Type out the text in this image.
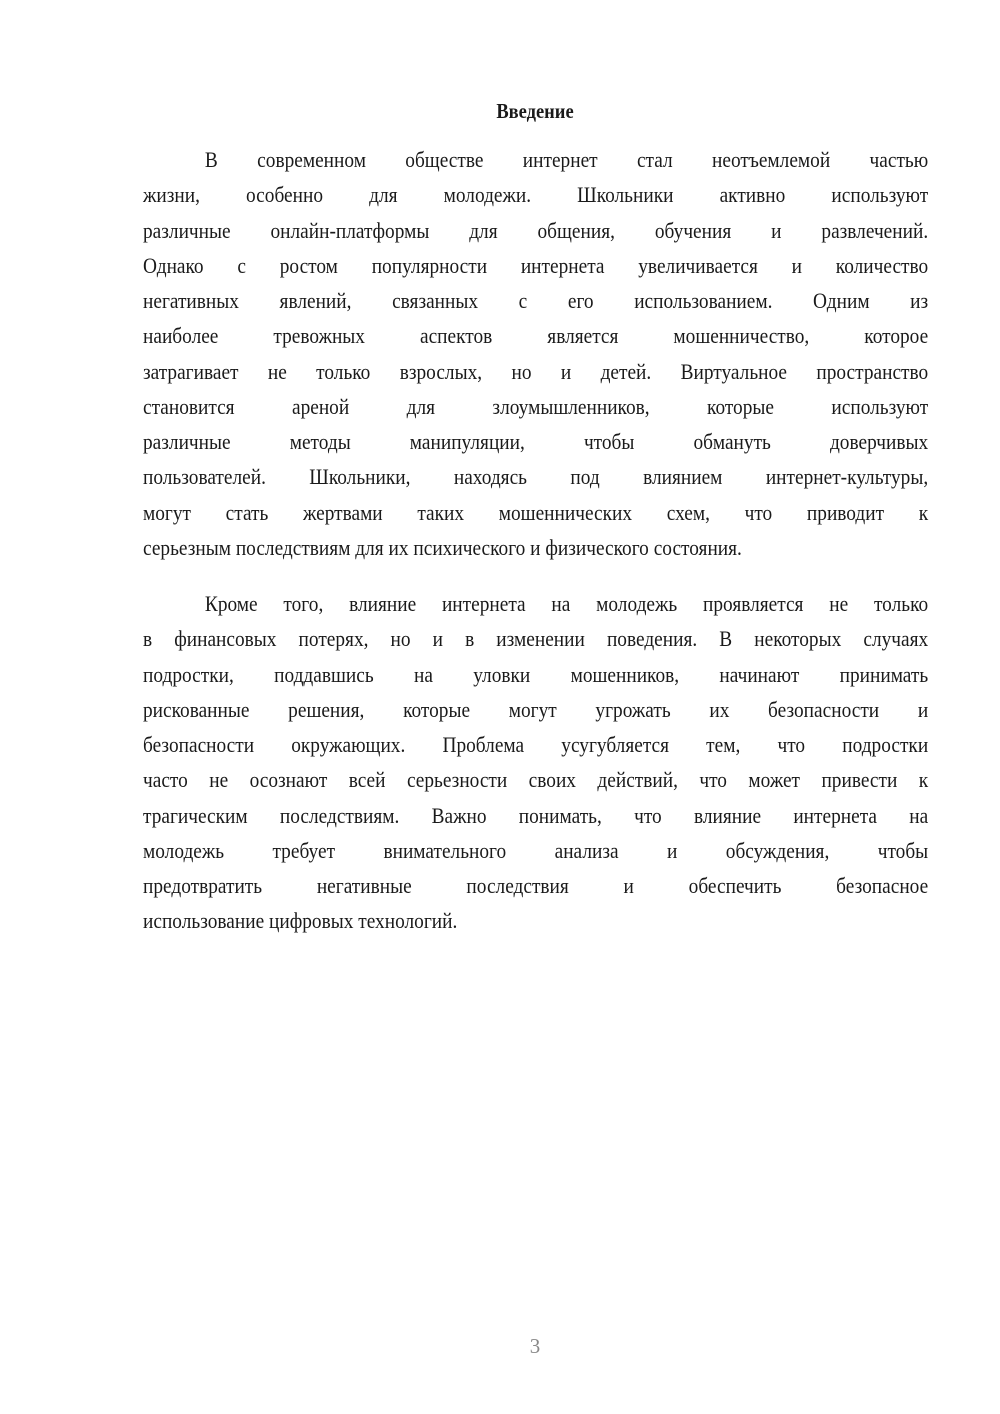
Введение
В современном обществе интернет стал неотъемлемой частью
жизни, особенно для молодежи. Школьники активно используют
различные онлайн-платформы для общения, обучения и развлечений.
Однако с ростом популярности интернета увеличивается и количество
негативных явлений, связанных с его использованием. Одним из
наиболее тревожных аспектов является мошенничество, которое
затрагивает не только взрослых, но и детей. Виртуальное пространство
становится ареной для злоумышленников, которые используют
различные методы манипуляции, чтобы обмануть доверчивых
пользователей. Школьники, находясь под влиянием интернет-культуры,
могут стать жертвами таких мошеннических схем, что приводит к
серьезным последствиям для их психического и физического состояния.
Кроме того, влияние интернета на молодежь проявляется не только
в финансовых потерях, но и в изменении поведения. В некоторых случаях
подростки, поддавшись на уловки мошенников, начинают принимать
рискованные решения, которые могут угрожать их безопасности и
безопасности окружающих. Проблема усугубляется тем, что подростки
часто не осознают всей серьезности своих действий, что может привести к
трагическим последствиям. Важно понимать, что влияние интернета на
молодежь требует внимательного анализа и обсуждения, чтобы
предотвратить негативные последствия и обеспечить безопасное
использование цифровых технологий.
3
